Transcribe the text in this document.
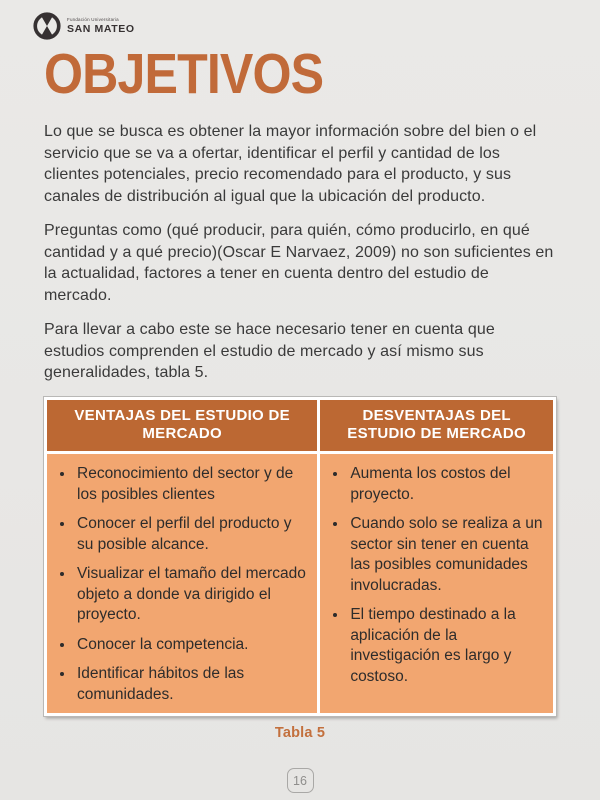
Fundación Universitaria
SAN MATEO
OBJETIVOS

Lo que se busca es obtener la mayor información sobre del bien o el servicio que se va a ofertar, identificar el perfil y cantidad de los clientes potenciales, precio recomendado para el producto, y sus canales de distribución al igual que la ubicación del producto.

Preguntas como (qué producir, para quién, cómo producirlo, en qué cantidad y a qué precio)(Oscar E Narvaez, 2009) no son suficientes en la actualidad, factores a tener en cuenta dentro del estudio de mercado.

Para llevar a cabo este se hace necesario tener en cuenta que estudios comprenden el estudio de mercado y así mismo sus generalidades, tabla 5.

VENTAJAS DEL ESTUDIO DE MERCADO
DESVENTAJAS DEL ESTUDIO DE MERCADO
• Reconocimiento del sector y de los posibles clientes
• Conocer el perfil del producto y su posible alcance.
• Visualizar el tamaño del mercado objeto a donde va dirigido el proyecto.
• Conocer la competencia.
• Identificar hábitos de las comunidades.
• Aumenta los costos del proyecto.
• Cuando solo se realiza a un sector sin tener en cuenta las posibles comunidades involucradas.
• El tiempo destinado a la aplicación de la investigación es largo y costoso.
Tabla 5
16
